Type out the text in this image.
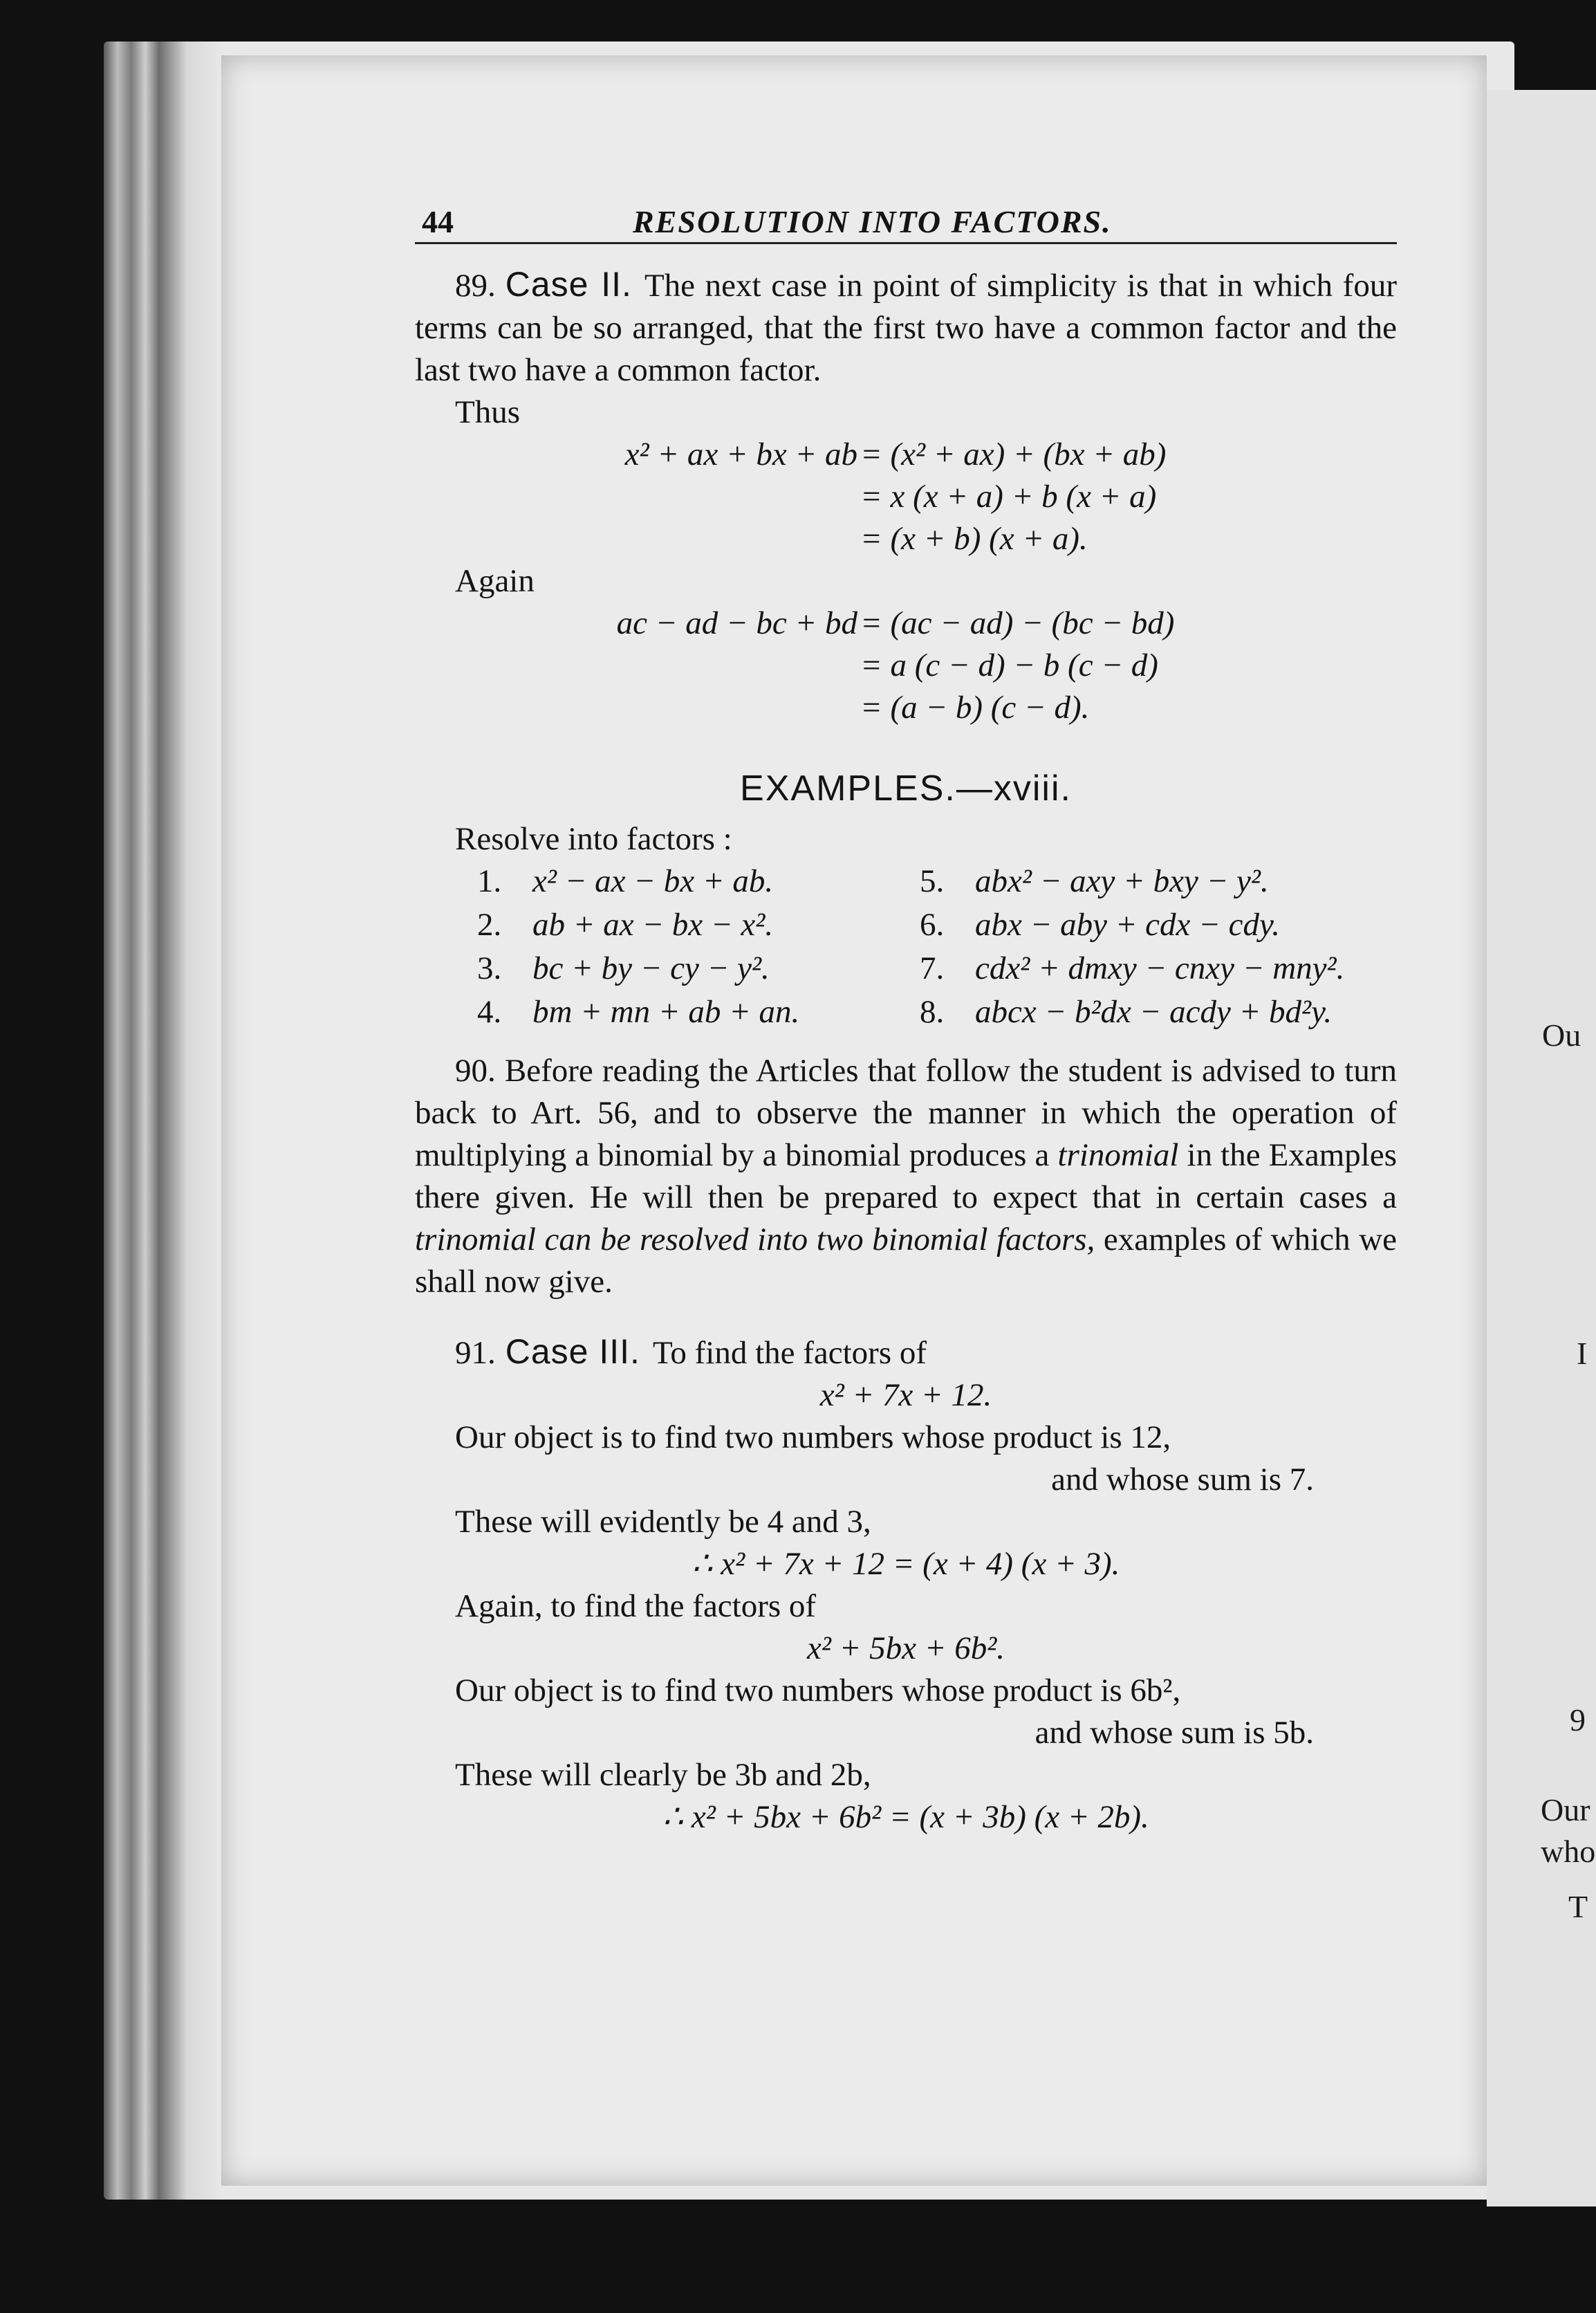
Ou
I
9
Our
who
T
44	RESOLUTION INTO FACTORS.

89. Case II. The next case in point of simplicity is that in which four terms can be so arranged, that the first two have a common factor and the last two have a common factor.

Thus
x² + ax + bx + ab = (x² + ax) + (bx + ab)
= x (x + a) + b (x + a)
= (x + b) (x + a).
Again
ac − ad − bc + bd = (ac − ad) − (bc − bd)
= a (c − d) − b (c − d)
= (a − b) (c − d).
EXAMPLES.—xviii.
Resolve into factors :
1. x² − ax − bx + ab.	5. abx² − axy + bxy − y².
2. ab + ax − bx − x².	6. abx − aby + cdx − cdy.
3. bc + by − cy − y².	7. cdx² + dmxy − cnxy − mny².
4. bm + mn + ab + an.	8. abcx − b²dx − acdy + bd²y.

90. Before reading the Articles that follow the student is advised to turn back to Art. 56, and to observe the manner in which the operation of multiplying a binomial by a binomial produces a trinomial in the Examples there given. He will then be prepared to expect that in certain cases a trinomial can be resolved into two binomial factors, examples of which we shall now give.

91. Case III. To find the factors of

x² + 7x + 12.
Our object is to find two numbers whose product is 12,
and whose sum is 7.
These will evidently be 4 and 3,
∴ x² + 7x + 12 = (x + 4) (x + 3).
Again, to find the factors of
x² + 5bx + 6b².
Our object is to find two numbers whose product is 6b²,
and whose sum is 5b.
These will clearly be 3b and 2b,
∴ x² + 5bx + 6b² = (x + 3b) (x + 2b).
